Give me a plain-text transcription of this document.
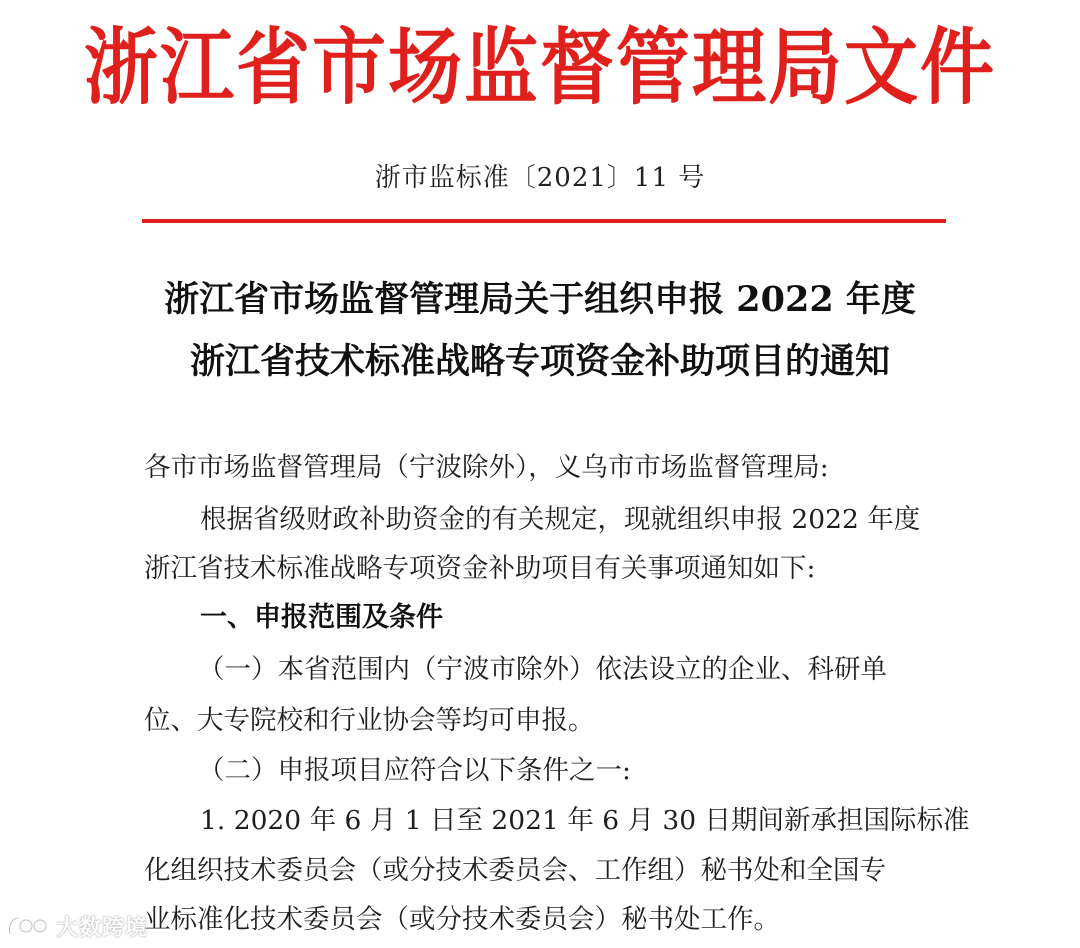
浙江省市场监督管理局文件
浙市监标准〔2021〕11 号
浙江省市场监督管理局关于组织申报 2022 年度
浙江省技术标准战略专项资金补助项目的通知
各市市场监督管理局（宁波除外），义乌市市场监督管理局:
根据省级财政补助资金的有关规定，现就组织申报 2022 年度
浙江省技术标准战略专项资金补助项目有关事项通知如下:
一、申报范围及条件
（一）本省范围内（宁波市除外）依法设立的企业、科研单
位、大专院校和行业协会等均可申报。
（二）申报项目应符合以下条件之一:
1. 2020 年 6 月 1 日至 2021 年 6 月 30 日期间新承担国际标准
化组织技术委员会（或分技术委员会、工作组）秘书处和全国专
业标准化技术委员会（或分技术委员会）秘书处工作。
大数跨境
